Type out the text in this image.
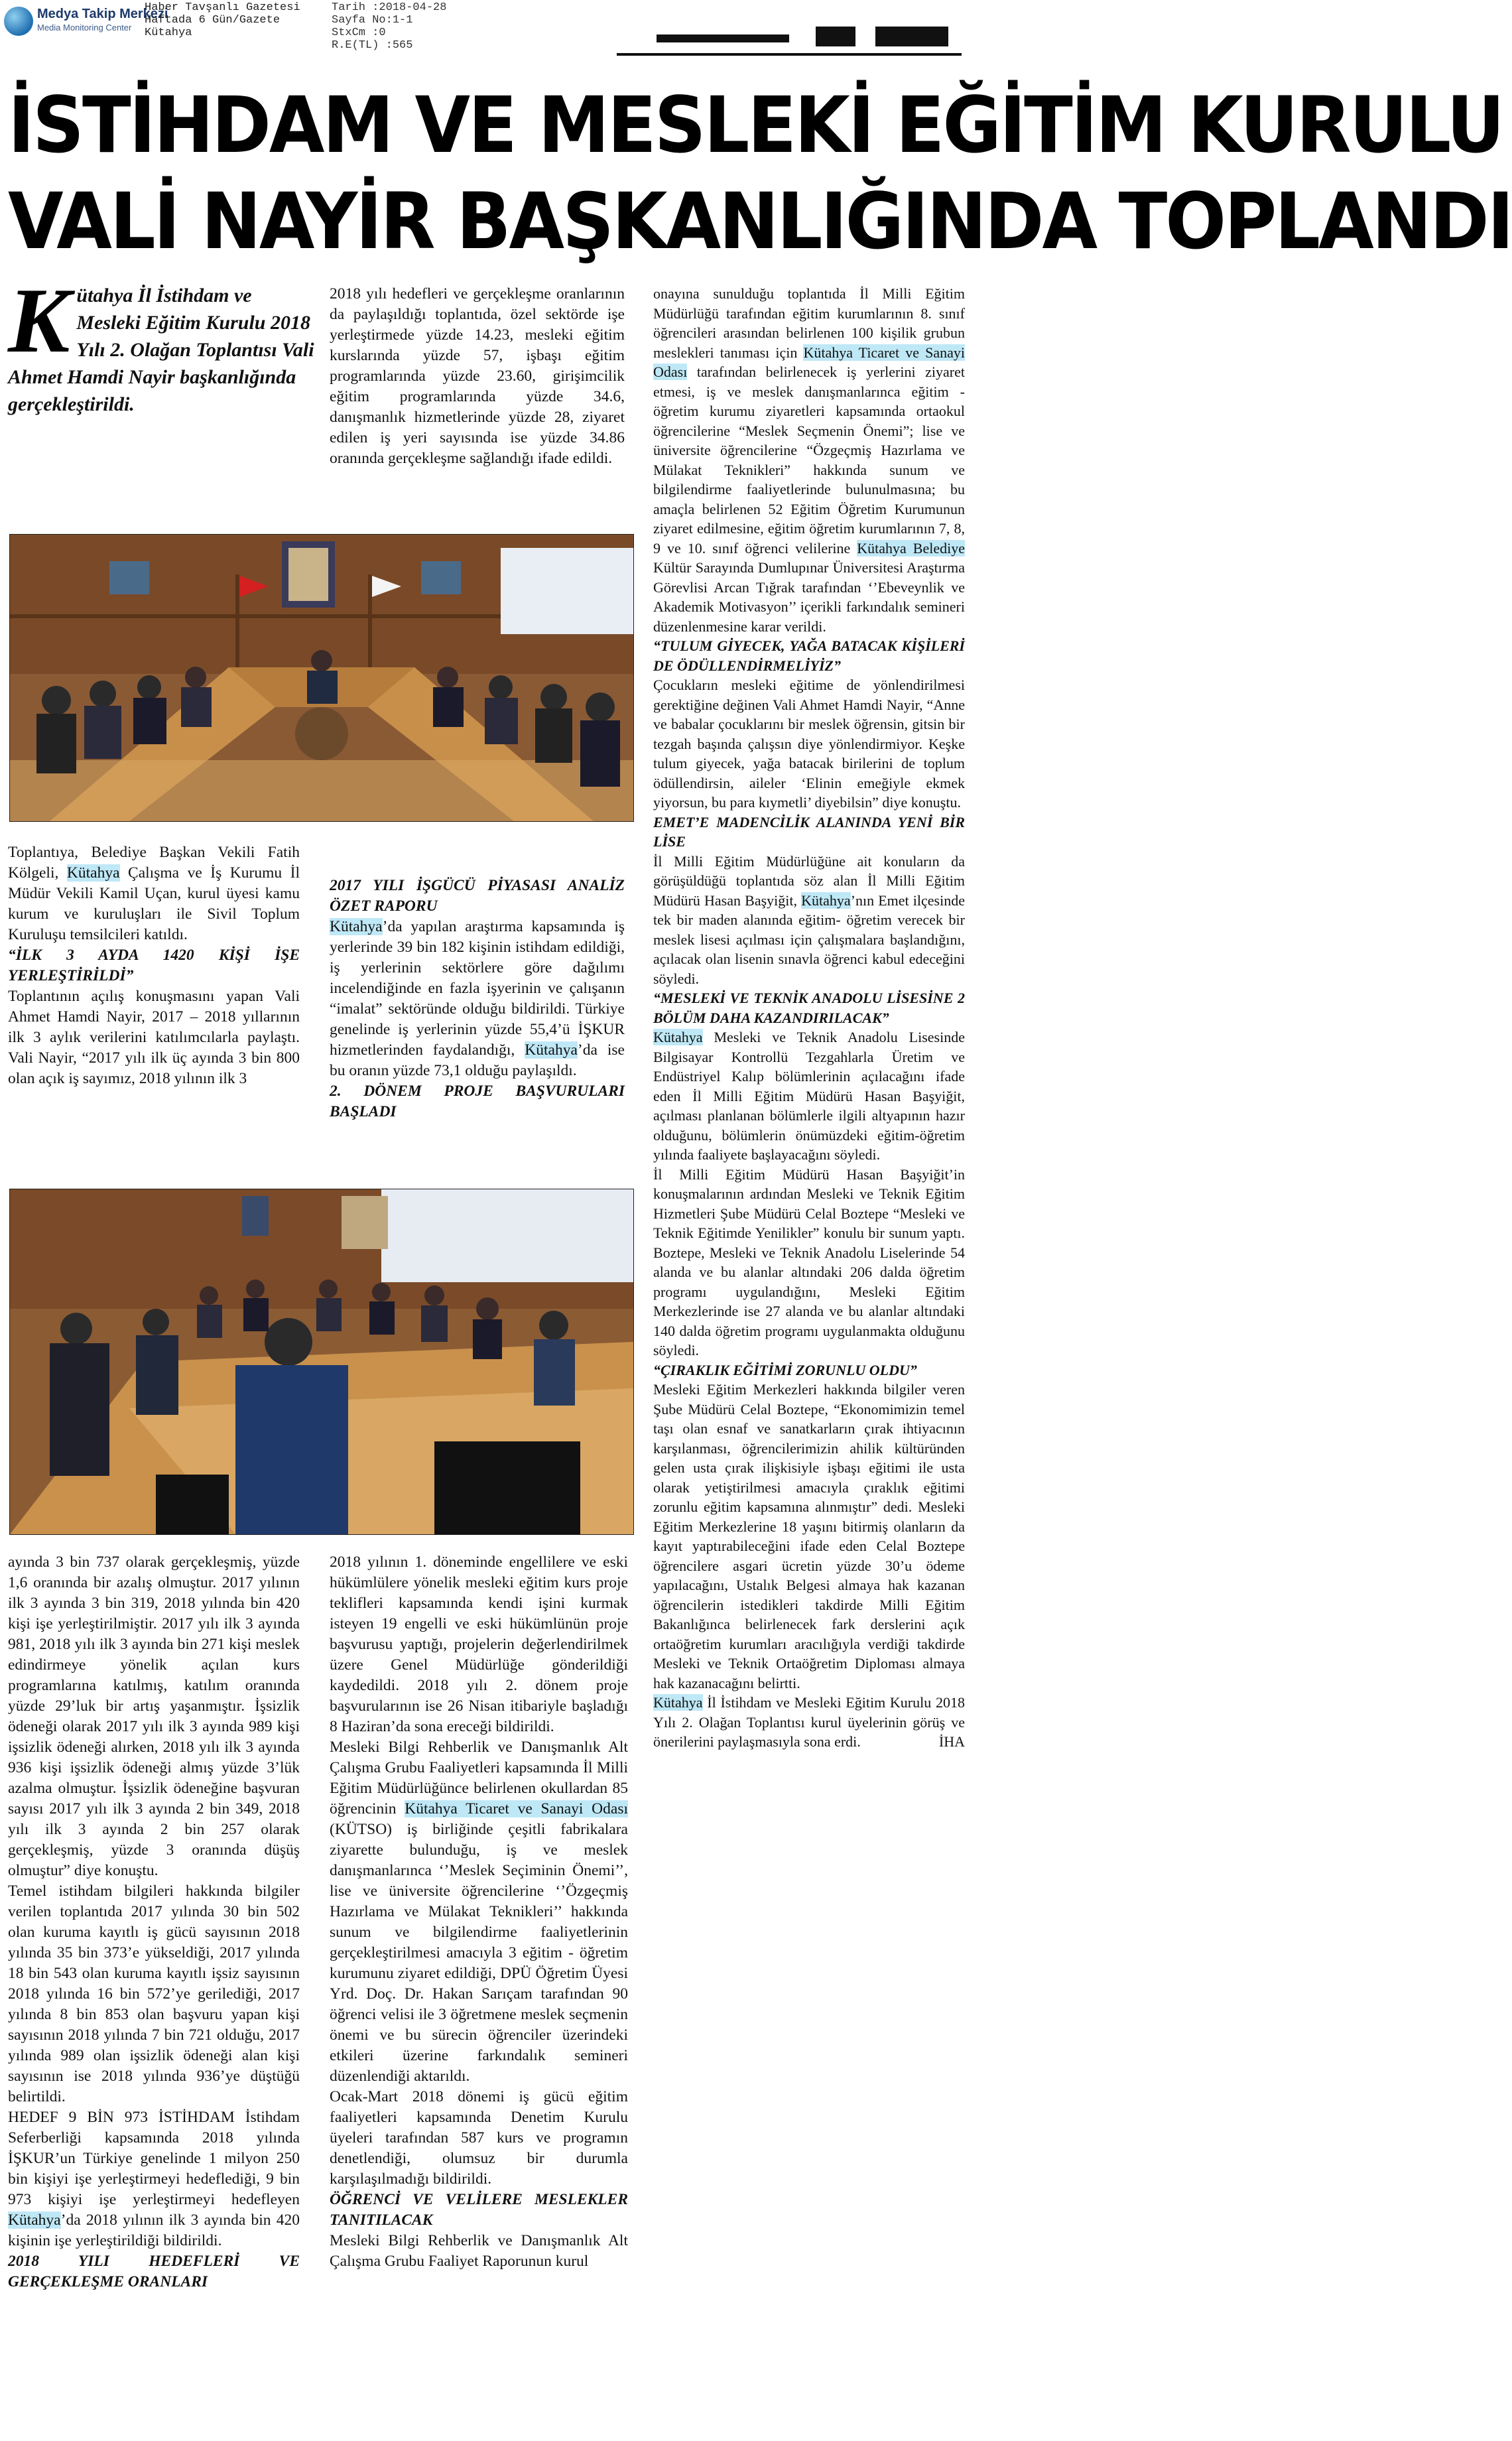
Medya Takip Merkezi
Media Monitoring Center
Haber Tavşanlı Gazetesi
Haftada 6 Gün/Gazete
Kütahya
Tarih :2018-04-28
Sayfa No:1-1
StxCm :0
R.E(TL) :565
İSTİHDAM VE MESLEKİ EĞİTİM KURULU
VALİ NAYİR BAŞKANLIĞINDA TOPLANDI
K ütahya İl İstihdam ve Mesleki Eğitim Kurulu 2018 Yılı 2. Olağan Toplantısı Vali Ahmet Hamdi Nayir başkanlığında gerçekleştirildi.

Toplantıya, Belediye Başkan Vekili Fatih Kölgeli, Kütahya Çalışma ve İş Kurumu İl Müdür Vekili Kamil Uçan, kurul üyesi kamu kurum ve kuruluşları ile Sivil Toplum Kuruluşu temsilcileri katıldı.

“İLK 3 AYDA 1420 KİŞİ İŞE YERLEŞTİRİLDİ”

Toplantının açılış konuşmasını yapan Vali Ahmet Hamdi Nayir, 2017 – 2018 yıllarının ilk 3 aylık verilerini katılımcılarla paylaştı. Vali Nayir, “2017 yılı ilk üç ayında 3 bin 800 olan açık iş sayımız, 2018 yılının ilk 3

ayında 3 bin 737 olarak gerçekleşmiş, yüzde 1,6 oranında bir azalış olmuştur. 2017 yılının ilk 3 ayında 3 bin 319, 2018 yılında bin 420 kişi işe yerleştirilmiştir. 2017 yılı ilk 3 ayında 981, 2018 yılı ilk 3 ayında bin 271 kişi meslek edindirmeye yönelik açılan kurs programlarına katılmış, katılım oranında yüzde 29’luk bir artış yaşanmıştır. İşsizlik ödeneği olarak 2017 yılı ilk 3 ayında 989 kişi işsizlik ödeneği alırken, 2018 yılı ilk 3 ayında 936 kişi işsizlik ödeneği almış yüzde 3’lük azalma olmuştur. İşsizlik ödeneğine başvuran sayısı 2017 yılı ilk 3 ayında 2 bin 349, 2018 yılı ilk 3 ayında 2 bin 257 olarak gerçekleşmiş, yüzde 3 oranında düşüş olmuştur” diye konuştu.

Temel istihdam bilgileri hakkında bilgiler verilen toplantıda 2017 yılında 30 bin 502 olan kuruma kayıtlı iş gücü sayısının 2018 yılında 35 bin 373’e yükseldiği, 2017 yılında 18 bin 543 olan kuruma kayıtlı işsiz sayısının 2018 yılında 16 bin 572’ye gerilediği, 2017 yılında 8 bin 853 olan başvuru yapan kişi sayısının 2018 yılında 7 bin 721 olduğu, 2017 yılında 989 olan işsizlik ödeneği alan kişi sayısının ise 2018 yılında 936’ye düştüğü belirtildi.

HEDEF 9 BİN 973 İSTİHDAM İstihdam Seferberliği kapsamında 2018 yılında İŞKUR’un Türkiye genelinde 1 milyon 250 bin kişiyi işe yerleştirmeyi hedeflediği, 9 bin 973 kişiyi işe yerleştirmeyi hedefleyen Kütahya’da 2018 yılının ilk 3 ayında bin 420 kişinin işe yerleştirildiği bildirildi.

2018 YILI HEDEFLERİ VE GERÇEKLEŞME ORANLARI

2018 yılı hedefleri ve gerçekleşme oranlarının da paylaşıldığı toplantıda, özel sektörde işe yerleştirmede yüzde 14.23, mesleki eğitim kurslarında yüzde 57, işbaşı eğitim programlarında yüzde 23.60, girişimcilik eğitim programlarında yüzde 34.6, danışmanlık hizmetlerinde yüzde 28, ziyaret edilen iş yeri sayısında ise yüzde 34.86 oranında gerçekleşme sağlandığı ifade edildi.

2017 YILI İŞGÜCÜ PİYASASI ANALİZ ÖZET RAPORU

Kütahya’da yapılan araştırma kapsamında iş yerlerinde 39 bin 182 kişinin istihdam edildiği, iş yerlerinin sektörlere göre dağılımı incelendiğinde en fazla işyerinin ve çalışanın “imalat” sektöründe olduğu bildirildi. Türkiye genelinde iş yerlerinin yüzde 55,4’ü İŞKUR hizmetlerinden faydalandığı, Kütahya’da ise bu oranın yüzde 73,1 olduğu paylaşıldı.

2. DÖNEM PROJE BAŞVURULARI BAŞLADI

2018 yılının 1. döneminde engellilere ve eski hükümlülere yönelik mesleki eğitim kurs proje teklifleri kapsamında kendi işini kurmak isteyen 19 engelli ve eski hükümlünün proje başvurusu yaptığı, projelerin değerlendirilmek üzere Genel Müdürlüğe gönderildiği kaydedildi. 2018 yılı 2. dönem proje başvurularının ise 26 Nisan itibariyle başladığı 8 Haziran’da sona ereceği bildirildi.

Mesleki Bilgi Rehberlik ve Danışmanlık Alt Çalışma Grubu Faaliyetleri kapsamında İl Milli Eğitim Müdürlüğünce belirlenen okullardan 85 öğrencinin Kütahya Ticaret ve Sanayi Odası (KÜTSO) iş birliğinde çeşitli fabrikalara ziyarette bulunduğu, iş ve meslek danışmanlarınca ‘’Meslek Seçiminin Önemi’’, lise ve üniversite öğrencilerine ‘’Özgeçmiş Hazırlama ve Mülakat Teknikleri’’ hakkında sunum ve bilgilendirme faaliyetlerinin gerçekleştirilmesi amacıyla 3 eğitim - öğretim kurumunu ziyaret edildiği, DPÜ Öğretim Üyesi Yrd. Doç. Dr. Hakan Sarıçam tarafından 90 öğrenci velisi ile 3 öğretmene meslek seçmenin önemi ve bu sürecin öğrenciler üzerindeki etkileri üzerine farkındalık semineri düzenlendiği aktarıldı.

Ocak-Mart 2018 dönemi iş gücü eğitim faaliyetleri kapsamında Denetim Kurulu üyeleri tarafından 587 kurs ve programın denetlendiği, olumsuz bir durumla karşılaşılmadığı bildirildi.

ÖĞRENCİ VE VELİLERE MESLEKLER TANITILACAK

Mesleki Bilgi Rehberlik ve Danışmanlık Alt Çalışma Grubu Faaliyet Raporunun kurul

onayına sunulduğu toplantıda İl Milli Eğitim Müdürlüğü tarafından eğitim kurumlarının 8. sınıf öğrencileri arasından belirlenen 100 kişilik grubun meslekleri tanıması için Kütahya Ticaret ve Sanayi Odası tarafından belirlenecek iş yerlerini ziyaret etmesi, iş ve meslek danışmanlarınca eğitim - öğretim kurumu ziyaretleri kapsamında ortaokul öğrencilerine “Meslek Seçmenin Önemi”; lise ve üniversite öğrencilerine “Özgeçmiş Hazırlama ve Mülakat Teknikleri” hakkında sunum ve bilgilendirme faaliyetlerinde bulunulmasına; bu amaçla belirlenen 52 Eğitim Öğretim Kurumunun ziyaret edilmesine, eğitim öğretim kurumlarının 7, 8, 9 ve 10. sınıf öğrenci velilerine Kütahya Belediye Kültür Sarayında Dumlupınar Üniversitesi Araştırma Görevlisi Arcan Tığrak tarafından ‘’Ebeveynlik ve Akademik Motivasyon’’ içerikli farkındalık semineri düzenlenmesine karar verildi.

“TULUM GİYECEK, YAĞA BATACAK KİŞİLERİ DE ÖDÜLLENDİRMELİYİZ”

Çocukların mesleki eğitime de yönlendirilmesi gerektiğine değinen Vali Ahmet Hamdi Nayir, “Anne ve babalar çocuklarını bir meslek öğrensin, gitsin bir tezgah başında çalışsın diye yönlendirmiyor. Keşke tulum giyecek, yağa batacak birilerini de toplum ödüllendirsin, aileler ‘Elinin emeğiyle ekmek yiyorsun, bu para kıymetli’ diyebilsin” diye konuştu.

EMET’E MADENCİLİK ALANINDA YENİ BİR LİSE

İl Milli Eğitim Müdürlüğüne ait konuların da görüşüldüğü toplantıda söz alan İl Milli Eğitim Müdürü Hasan Başyiğit, Kütahya’nın Emet ilçesinde tek bir maden alanında eğitim- öğretim verecek bir meslek lisesi açılması için çalışmalara başlandığını, açılacak olan lisenin sınavla öğrenci kabul edeceğini söyledi.

“MESLEKİ VE TEKNİK ANADOLU LİSESİNE 2 BÖLÜM DAHA KAZANDIRILACAK”

Kütahya Mesleki ve Teknik Anadolu Lisesinde Bilgisayar Kontrollü Tezgahlarla Üretim ve Endüstriyel Kalıp bölümlerinin açılacağını ifade eden İl Milli Eğitim Müdürü Hasan Başyiğit, açılması planlanan bölümlerle ilgili altyapının hazır olduğunu, bölümlerin önümüzdeki eğitim-öğretim yılında faaliyete başlayacağını söyledi.

İl Milli Eğitim Müdürü Hasan Başyiğit’in konuşmalarının ardından Mesleki ve Teknik Eğitim Hizmetleri Şube Müdürü Celal Boztepe “Mesleki ve Teknik Eğitimde Yenilikler” konulu bir sunum yaptı. Boztepe, Mesleki ve Teknik Anadolu Liselerinde 54 alanda ve bu alanlar altındaki 206 dalda öğretim programı uygulandığını, Mesleki Eğitim Merkezlerinde ise 27 alanda ve bu alanlar altındaki 140 dalda öğretim programı uygulanmakta olduğunu söyledi.

“ÇIRAKLIK EĞİTİMİ ZORUNLU OLDU”

Mesleki Eğitim Merkezleri hakkında bilgiler veren Şube Müdürü Celal Boztepe, “Ekonomimizin temel taşı olan esnaf ve sanatkarların çırak ihtiyacının karşılanması, öğrencilerimizin ahilik kültüründen gelen usta çırak ilişkisiyle işbaşı eğitimi ile usta olarak yetiştirilmesi amacıyla çıraklık eğitimi zorunlu eğitim kapsamına alınmıştır” dedi. Mesleki Eğitim Merkezlerine 18 yaşını bitirmiş olanların da kayıt yaptırabileceğini ifade eden Celal Boztepe öğrencilere asgari ücretin yüzde 30’u ödeme yapılacağını, Ustalık Belgesi almaya hak kazanan öğrencilerin istedikleri takdirde Milli Eğitim Bakanlığınca belirlenecek fark derslerini açık ortaöğretim kurumları aracılığıyla verdiği takdirde Mesleki ve Teknik Ortaöğretim Diploması almaya hak kazanacağını belirtti.

Kütahya İl İstihdam ve Mesleki Eğitim Kurulu 2018 Yılı 2. Olağan Toplantısı kurul üyelerinin görüş ve önerilerini paylaşmasıyla sona erdi.	İHA
